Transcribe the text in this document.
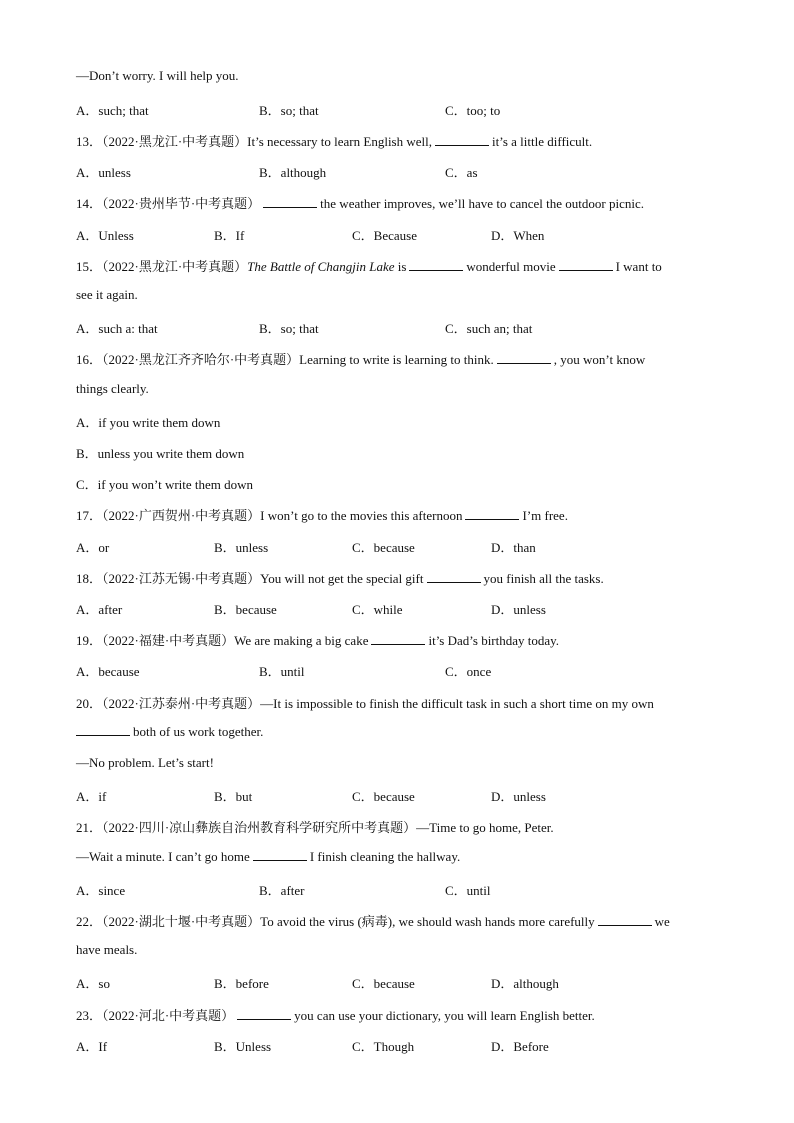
—Don’t worry. I will help you.
A．such; that	B．so; that	C．too; to
13．（2022·黑龙江·中考真题）It’s necessary to learn English well,	it’s a little difficult.
A．unless	B．although	C．as
14．（2022·贵州毕节·中考真题）	the weather improves, we’ll have to cancel the outdoor picnic.
A．Unless	B．If	C．Because	D．When
15．（2022·黑龙江·中考真题）The Battle of Changjin Lake is	wonderful movie	I want to
see it again.
A．such a: that	B．so; that	C．such an; that
16．（2022·黑龙江齐齐哈尔·中考真题）Learning to write is learning to think.	, you won’t know
things clearly.
A．if you write them down
B．unless you write them down
C．if you won’t write them down
17．（2022·广西贺州·中考真题）I won’t go to the movies this afternoon	I’m free.
A．or	B．unless	C．because	D．than
18．（2022·江苏无锡·中考真题）You will not get the special gift	you finish all the tasks.
A．after	B．because	C．while	D．unless
19．（2022·福建·中考真题）We are making a big cake	it’s Dad’s birthday today.
A．because	B．until	C．once
20．（2022·江苏泰州·中考真题）—It is impossible to finish the difficult task in such a short time on my own
both of us work together.
—No problem. Let’s start!
A．if	B．but	C．because	D．unless
21．（2022·四川·凉山彝族自治州教育科学研究所中考真题）—Time to go home, Peter.
—Wait a minute. I can’t go home	I finish cleaning the hallway.
A．since	B．after	C．until
22．（2022·湖北十堰·中考真题）To avoid the virus (病毒), we should wash hands more carefully	we
have meals.
A．so	B．before	C．because	D．although
23．（2022·河北·中考真题）	you can use your dictionary, you will learn English better.
A．If	B．Unless	C．Though	D．Before
